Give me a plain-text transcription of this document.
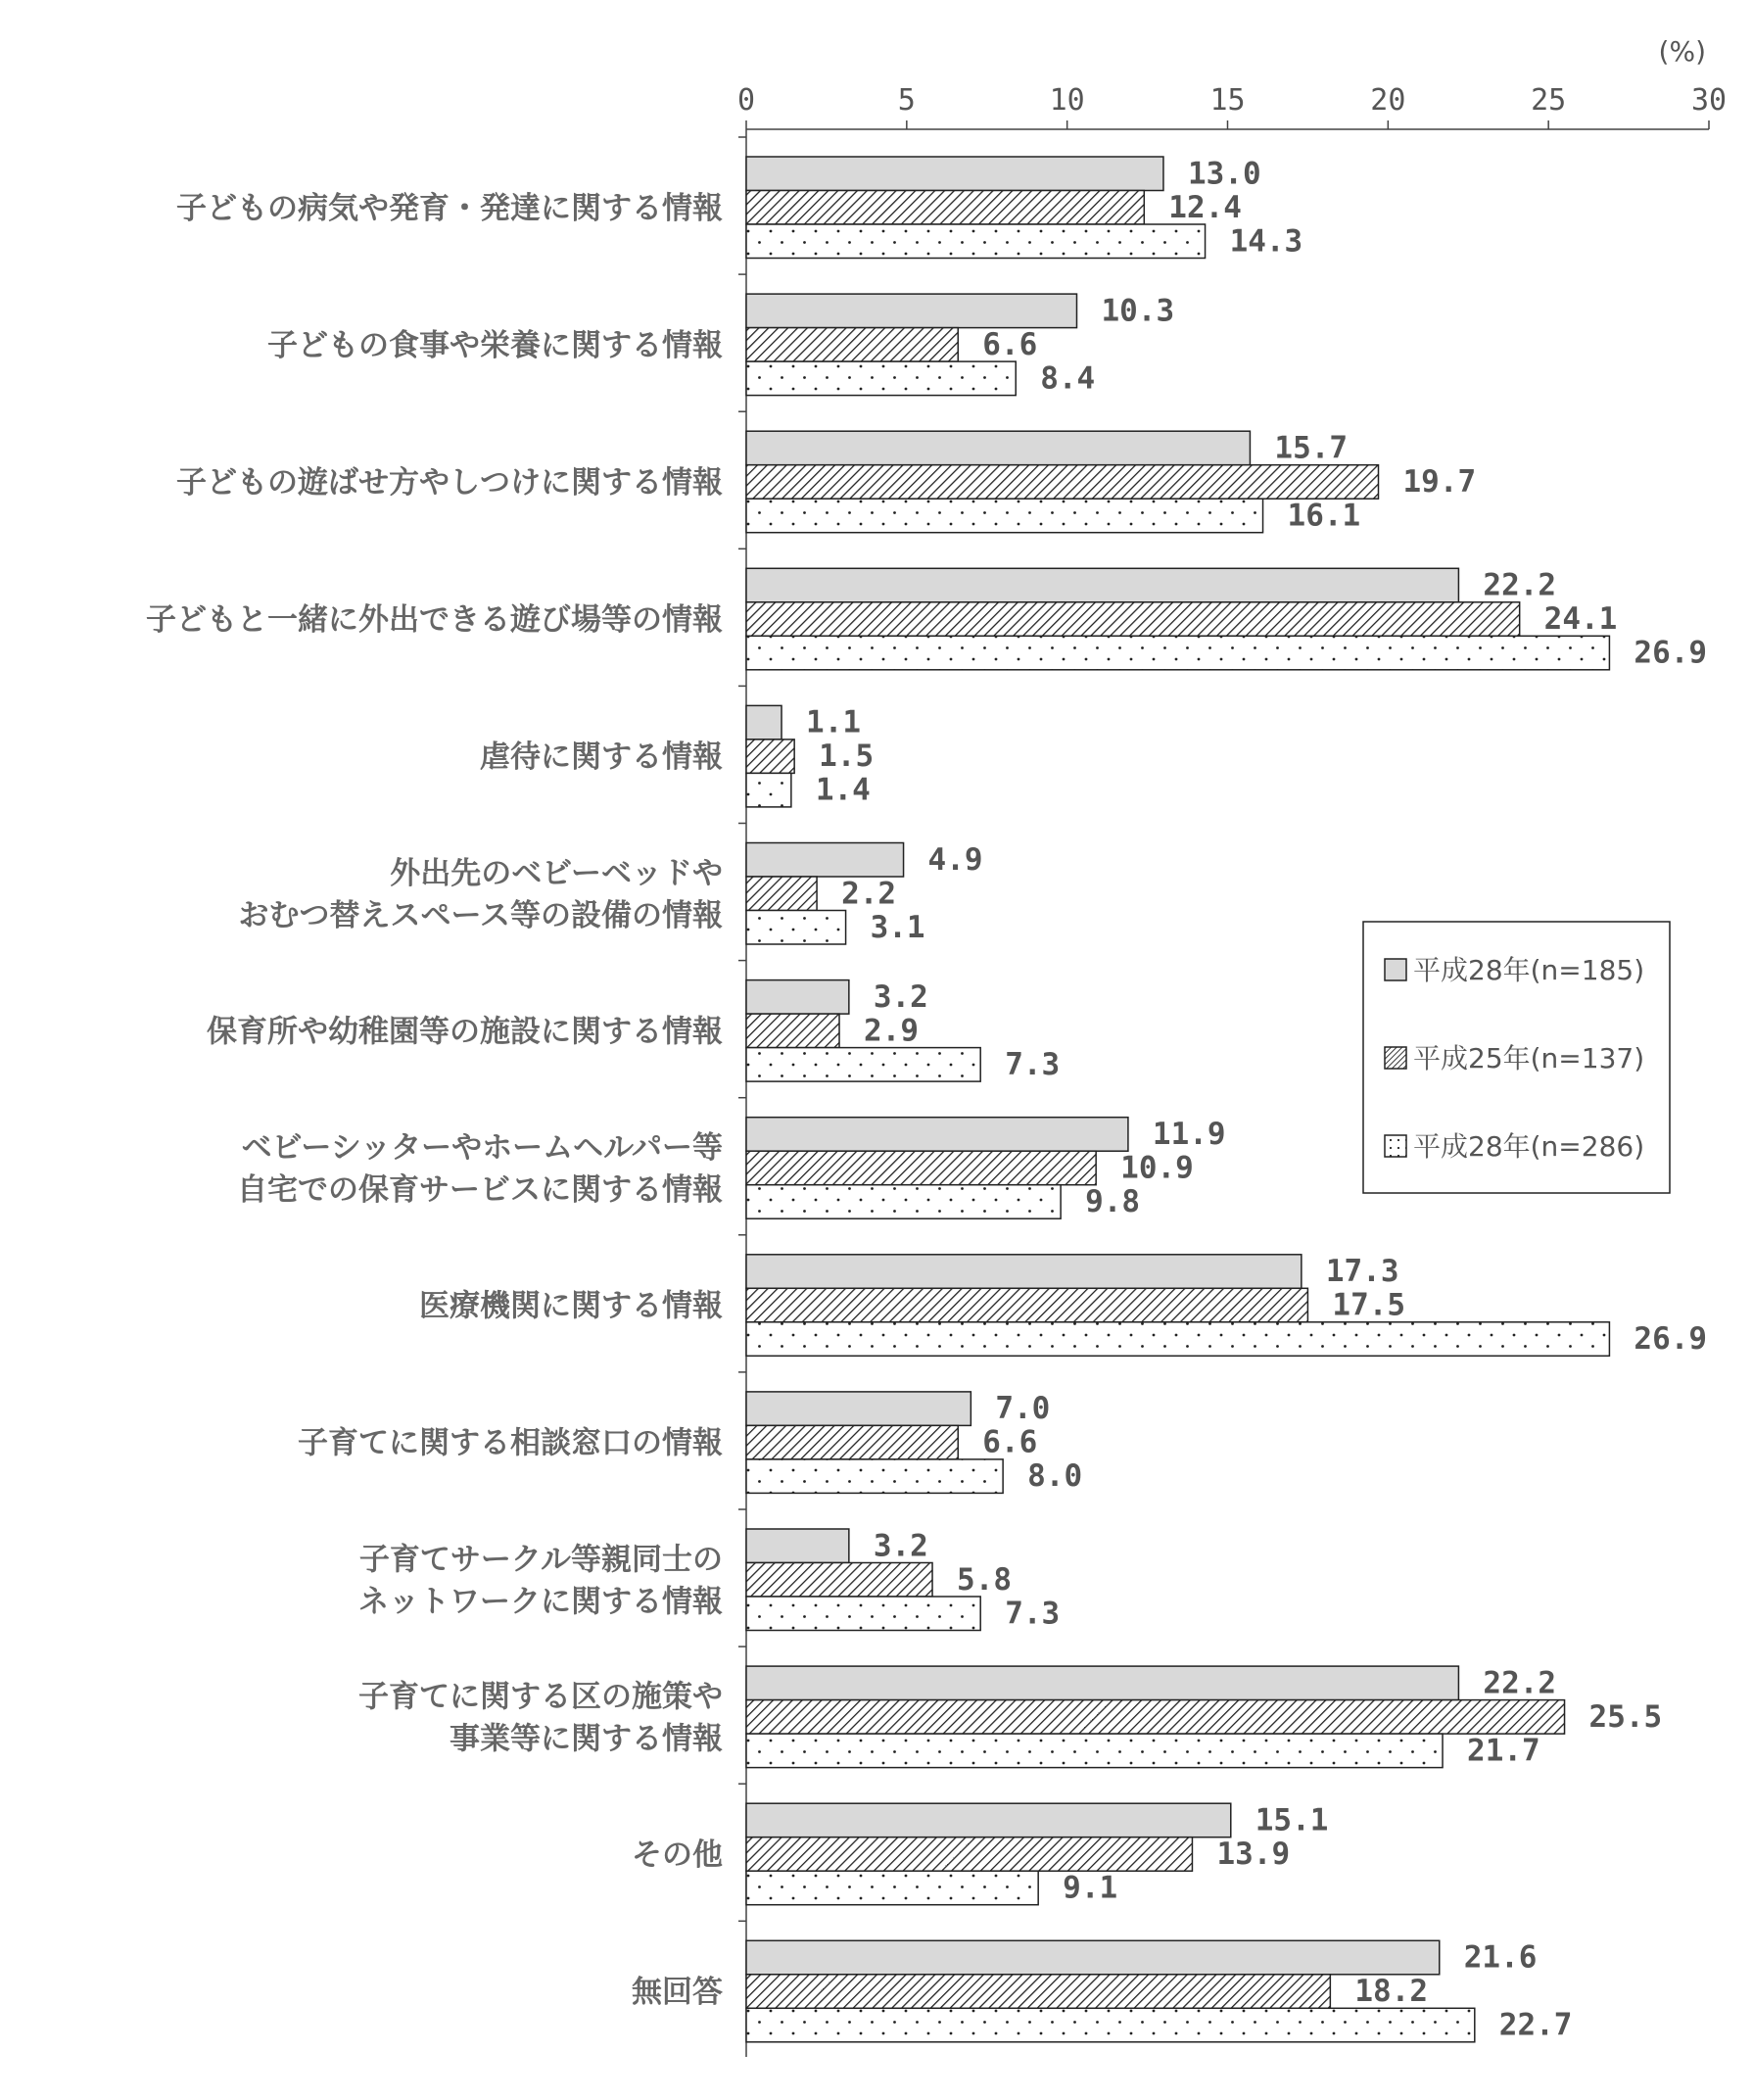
0	5	10	15	20	25	30
(%)
子どもの病気や発育・発達に関する情報
13.0
12.4
14.3
子どもの食事や栄養に関する情報
10.3
6.6
8.4
子どもの遊ばせ方やしつけに関する情報
15.7
19.7
16.1
子どもと一緒に外出できる遊び場等の情報
22.2
24.1
26.9
虐待に関する情報
1.1
1.5
1.4
外出先のベビーベッドや
おむつ替えスペース等の設備の情報
4.9
2.2
3.1
保育所や幼稚園等の施設に関する情報
3.2
2.9
7.3
ベビーシッターやホームヘルパー等
自宅での保育サービスに関する情報
11.9
10.9
9.8
医療機関に関する情報
17.3
17.5
26.9
子育てに関する相談窓口の情報
7.0
6.6
8.0
子育てサークル等親同士の
ネットワークに関する情報
3.2
5.8
7.3
子育てに関する区の施策や
事業等に関する情報
22.2
25.5
21.7
その他
15.1
13.9
9.1
無回答
21.6
18.2
22.7
平成28年(n=185)
平成25年(n=137)
平成28年(n=286)
